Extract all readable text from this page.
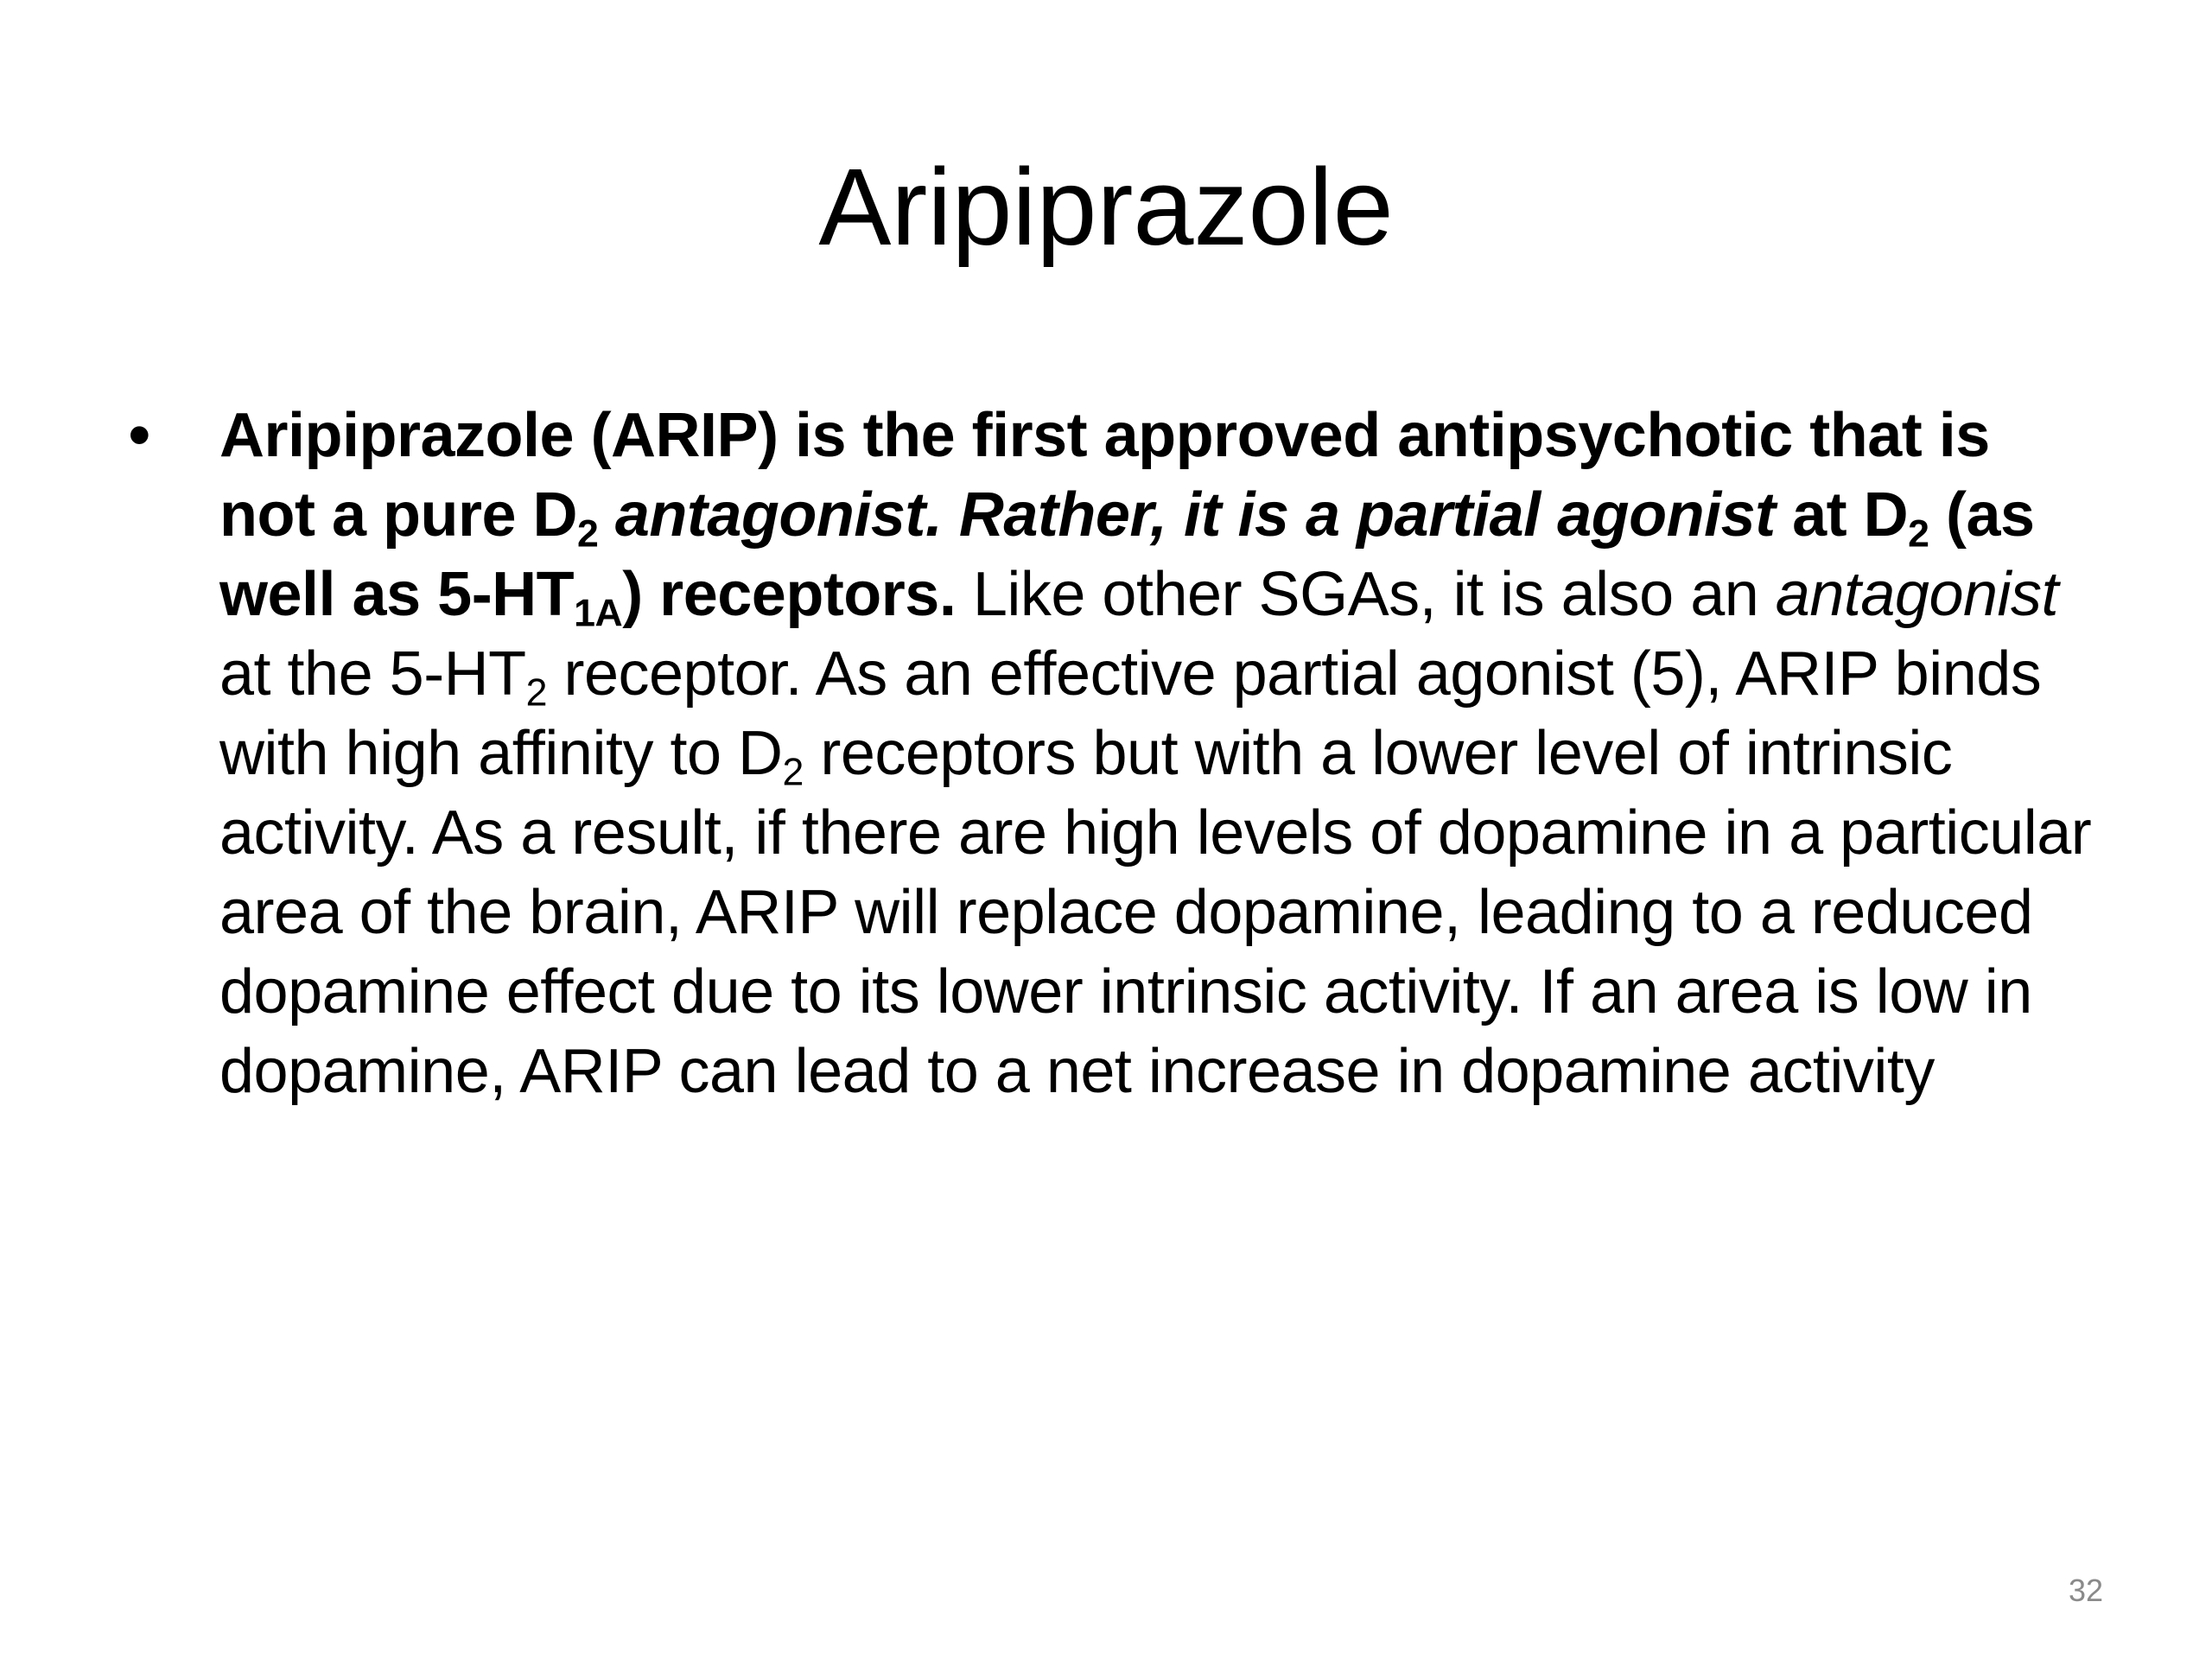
Aripiprazole
•	Aripiprazole (ARIP) is the first approved antipsychotic that is not a pure $D_2$ antagonist. Rather, it is a partial agonist at $D_2$ (as well as $5-HT_{1A}$) receptors. Like other SGAs, it is also an antagonist at the $5-HT_2$ receptor. As an effective partial agonist (5), ARIP binds with high affinity to $D_2$ receptors but with a lower level of intrinsic activity. As a result, if there are high levels of dopamine in a particular area of the brain, ARIP will replace dopamine, leading to a reduced dopamine effect due to its lower intrinsic activity. If an area is low in dopamine, ARIP can lead to a net increase in dopamine activity

32
